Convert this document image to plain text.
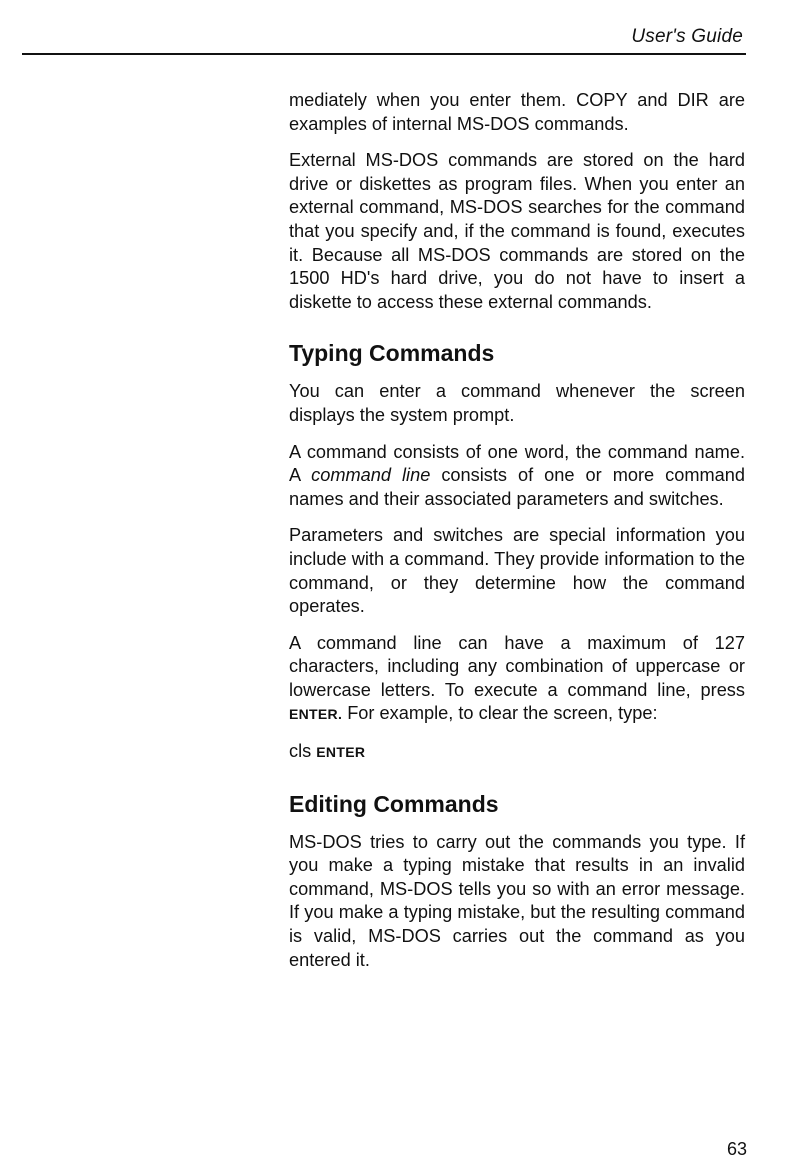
User's Guide

mediately when you enter them. COPY and DIR are examples of internal MS-DOS commands.

External MS-DOS commands are stored on the hard drive or diskettes as program files. When you enter an external command, MS-DOS searches for the command that you specify and, if the command is found, executes it. Because all MS-DOS commands are stored on the 1500 HD's hard drive, you do not have to insert a diskette to access these external commands.

Typing Commands

You can enter a command whenever the screen displays the system prompt.

A command consists of one word, the command name. A command line consists of one or more command names and their associated parameters and switches.

Parameters and switches are special information you include with a command. They provide information to the command, or they determine how the command operates.

A command line can have a maximum of 127 characters, including any combination of uppercase or lowercase letters. To execute a command line, press ENTER. For example, to clear the screen, type:

cls ENTER
Editing Commands

MS-DOS tries to carry out the commands you type. If you make a typing mistake that results in an invalid command, MS-DOS tells you so with an error message. If you make a typing mistake, but the resulting command is valid, MS-DOS carries out the command as you entered it.

63
